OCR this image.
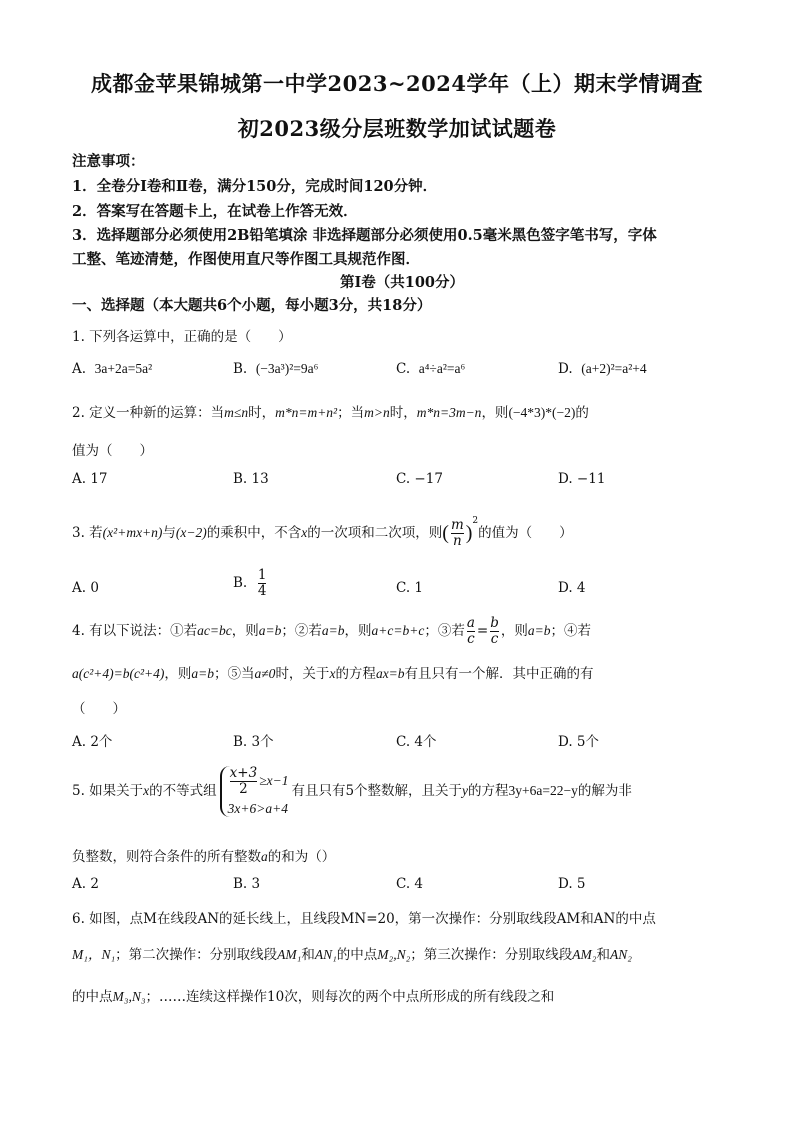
成都金苹果锦城第一中学2023~2024学年（上）期末学情调查
初2023级分层班数学加试试题卷
注意事项：
1．全卷分Ⅰ卷和Ⅱ卷，满分150分，完成时间120分钟．
2．答案写在答题卡上，在试卷上作答无效．
3．选择题部分必须使用2B铅笔填涂 非选择题部分必须使用0.5毫米黑色签字笔书写，字体
工整、笔迹清楚，作图使用直尺等作图工具规范作图．
第Ⅰ卷（共100分）
一、选择题（本大题共6个小题，每小题3分，共18分）
1. 下列各运算中，正确的是（　　）
A. 3a+2a=5a²	B. (−3a³)²=9a⁶	C. a⁴÷a²=a⁶	D. (a+2)²=a²+4
2. 定义一种新的运算：当m≤n时，m*n=m+n²；当m>n时，m*n=3m−n，则(−4*3)*(−2)的
值为（　　）
A. 17	B. 13	C. −17	D. −11
3. 若(x²+mx+n)与(x−2)的乘积中，不含x的一次项和二次项，则( $\frac{m}{n} )^2$的值为（　　）
A. 0	B. $\frac{1}{4}$	C. 1	D. 4
4. 有以下说法：①若ac=bc，则a=b；②若a=b，则a+c=b+c；③若 $\frac{a}{c} = \frac{b}{c}$ ，则a=b；④若
a(c²+4)=b(c²+4)，则a=b；⑤当a≠0时，关于x的方程ax=b有且只有一个解．其中正确的有
（　　）
A. 2个	B. 3个	C. 4个	D. 5个
5. 如果关于x的不等式组 $\frac{x+3}{2} \ge x-1$
3x+6>a+4
有且只有5个整数解，且关于y的方程3y+6a=22−y的解为非
负整数，则符合条件的所有整数a的和为（）
A. 2	B. 3	C. 4	D. 5
6. 如图，点M在线段AN的延长线上，且线段MN=20，第一次操作：分别取线段AM和AN的中点
M₁，N₁；第二次操作：分别取线段AM₁和AN₁的中点M₂,N₂；第三次操作：分别取线段AM₂和AN₂
的中点M₃,N₃；……连续这样操作10次，则每次的两个中点所形成的所有线段之和
